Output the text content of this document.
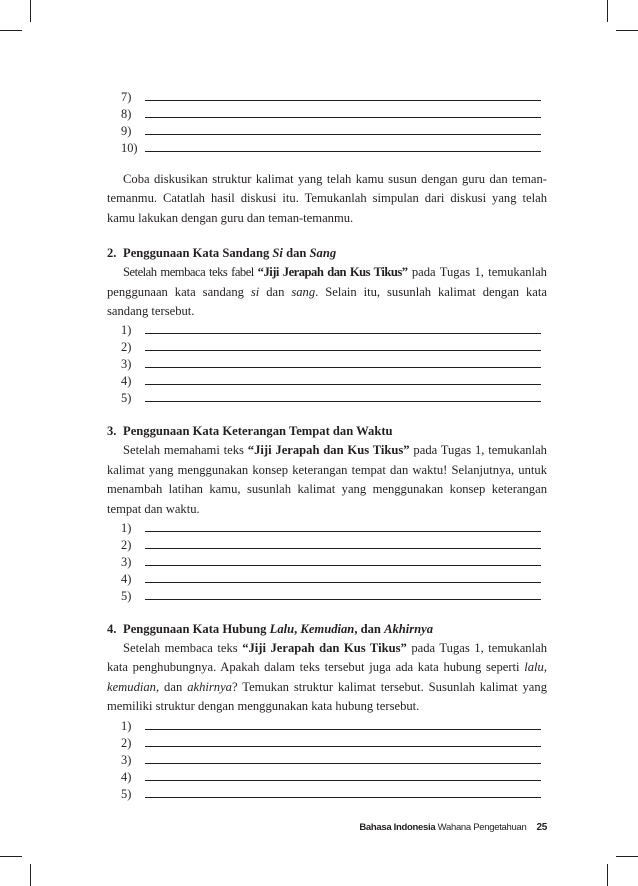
7)
8)
9)
10)

Coba diskusikan struktur kalimat yang telah kamu susun dengan guru dan teman-temanmu. Catatlah hasil diskusi itu. Temukanlah simpulan dari diskusi yang telah kamu lakukan dengan guru dan teman-temanmu.

2. Penggunaan Kata Sandang Si dan Sang

Setelah membaca teks fabel “Jiji Jerapah dan Kus Tikus” pada Tugas 1, temukanlah penggunaan kata sandang si dan sang. Selain itu, susunlah kalimat dengan kata sandang tersebut.

1)
2)
3)
4)
5)

3. Penggunaan Kata Keterangan Tempat dan Waktu

Setelah memahami teks “Jiji Jerapah dan Kus Tikus” pada Tugas 1, temukanlah kalimat yang menggunakan konsep keterangan tempat dan waktu! Selanjutnya, untuk menambah latihan kamu, susunlah kalimat yang menggunakan konsep keterangan tempat dan waktu.

1)
2)
3)
4)
5)

4. Penggunaan Kata Hubung Lalu, Kemudian, dan Akhirnya

Setelah membaca teks “Jiji Jerapah dan Kus Tikus” pada Tugas 1, temukanlah kata penghubungnya. Apakah dalam teks tersebut juga ada kata hubung seperti lalu, kemudian, dan akhirnya? Temukan struktur kalimat tersebut. Susunlah kalimat yang memiliki struktur dengan menggunakan kata hubung tersebut.

1)
2)
3)
4)
5)
Bahasa Indonesia Wahana Pengetahuan 25
